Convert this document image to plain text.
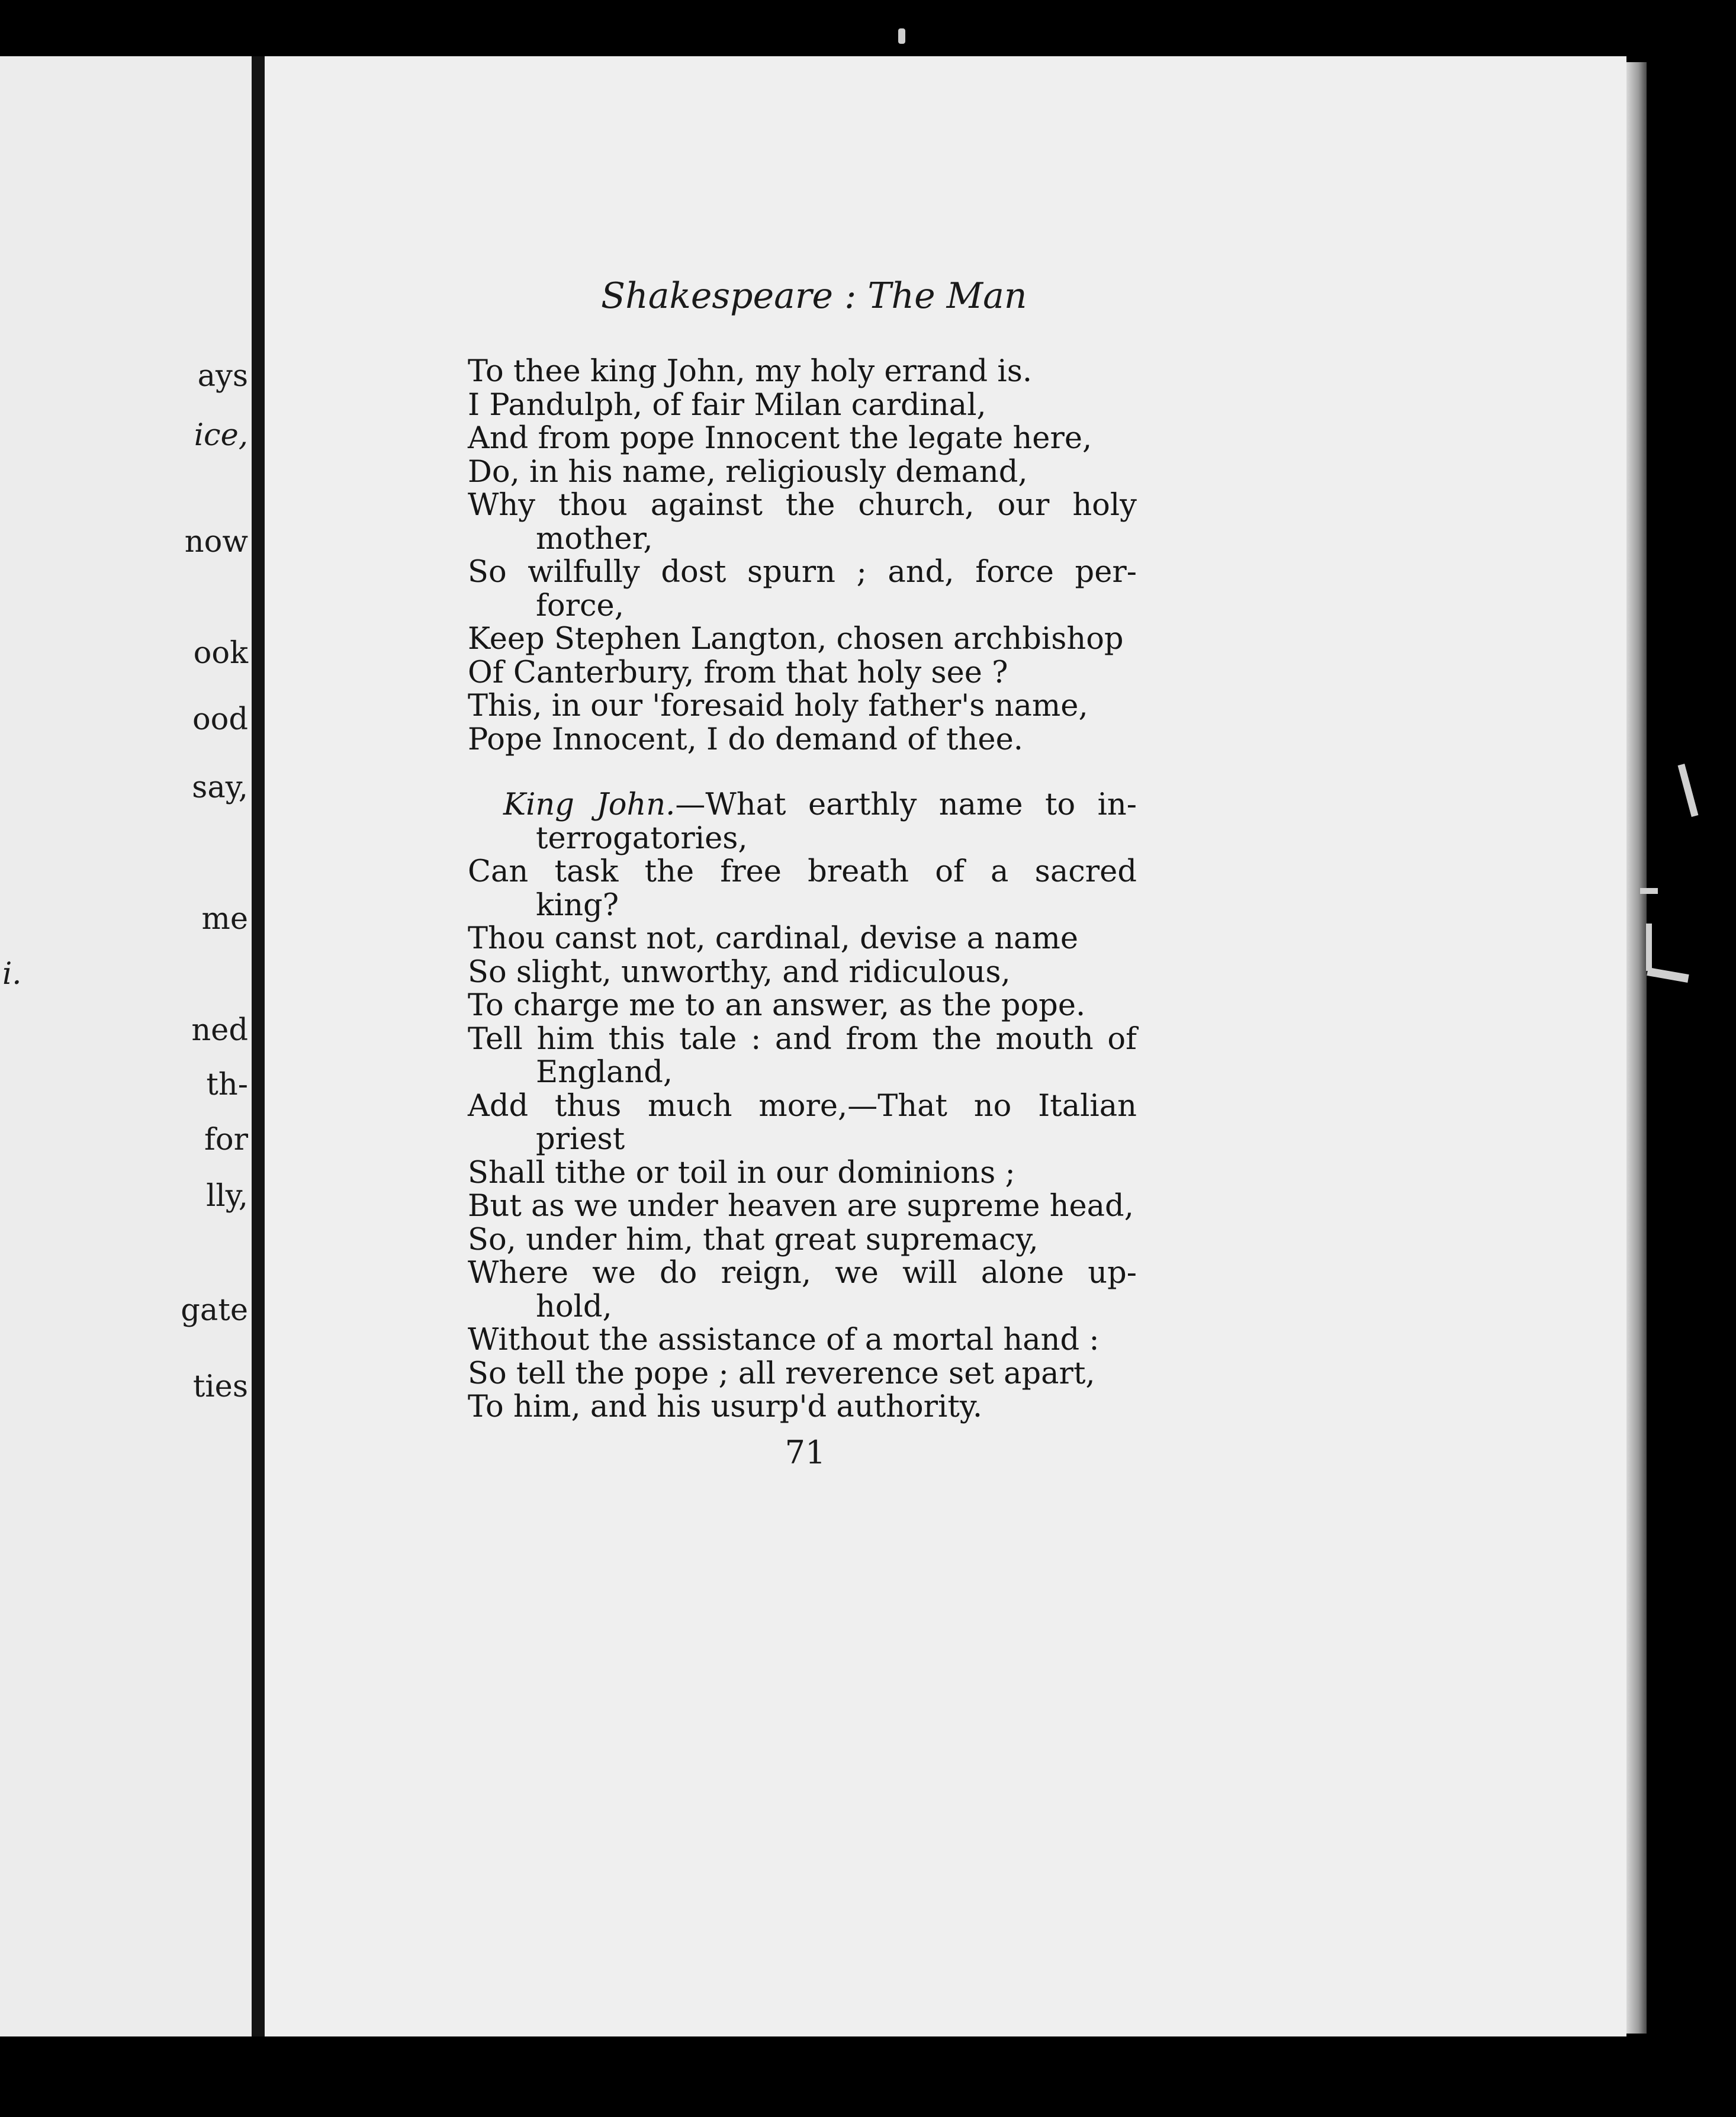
ays
ice,
now
ook
ood
say,
me
i.
ned
th-
for
lly,
gate
ties
Shakespeare : The Man
To thee king John, my holy errand is.
I Pandulph, of fair Milan cardinal,
And from pope Innocent the legate here,
Do, in his name, religiously demand,
Why thou against the church, our holy
mother,
So wilfully dost spurn ; and, force per-
force,
Keep Stephen Langton, chosen archbishop
Of Canterbury, from that holy see ?
This, in our 'foresaid holy father's name,
Pope Innocent, I do demand of thee.
King John.—What earthly name to in-
terrogatories,
Can task the free breath of a sacred
king?
Thou canst not, cardinal, devise a name
So slight, unworthy, and ridiculous,
To charge me to an answer, as the pope.
Tell him this tale : and from the mouth of
England,
Add thus much more,—That no Italian
priest
Shall tithe or toil in our dominions ;
But as we under heaven are supreme head,
So, under him, that great supremacy,
Where we do reign, we will alone up-
hold,
Without the assistance of a mortal hand :
So tell the pope ; all reverence set apart,
To him, and his usurp'd authority.
71
